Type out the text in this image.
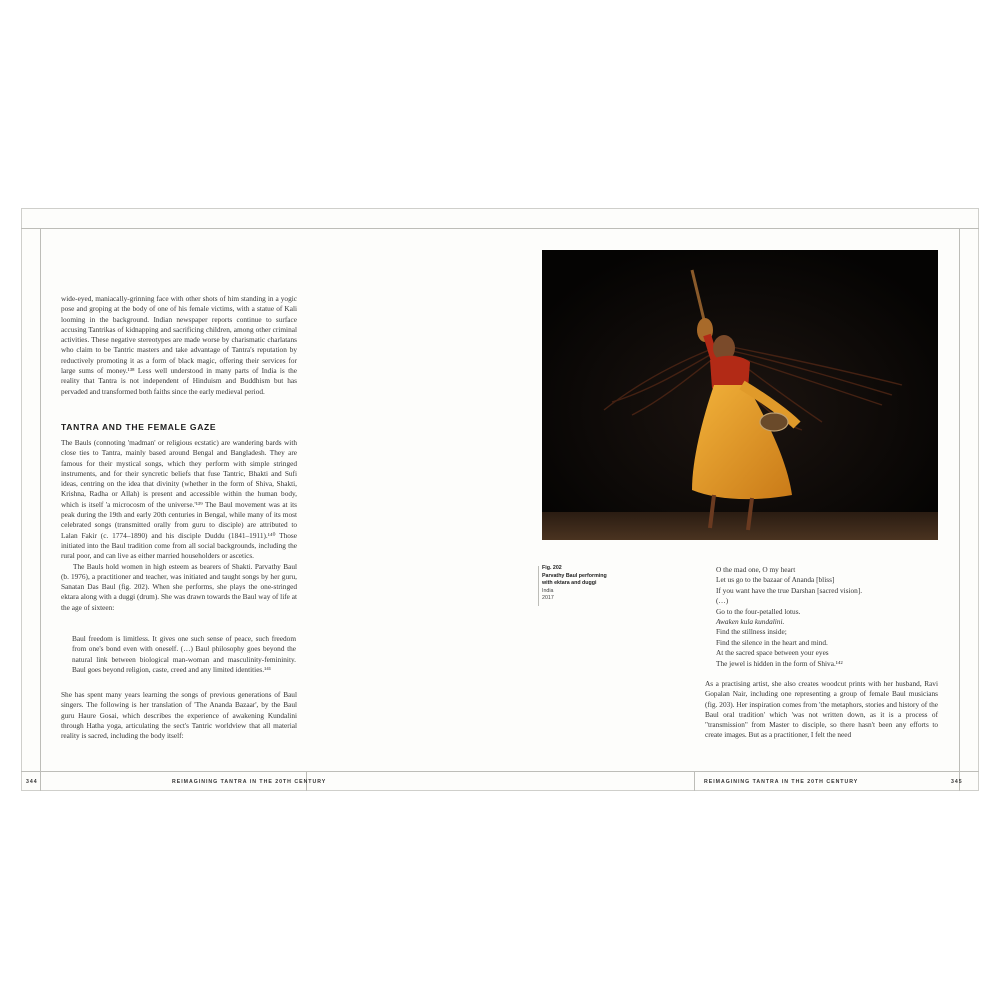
wide-eyed, maniacally-grinning face with other shots of him standing in a yogic pose and groping at the body of one of his female victims, with a statue of Kali looming in the background. Indian newspaper reports continue to surface accusing Tantrikas of kidnapping and sacrificing children, among other criminal activities. These negative stereotypes are made worse by charismatic charlatans who claim to be Tantric masters and take advantage of Tantra's reputation by reductively promoting it as a form of black magic, offering their services for large sums of money.¹³⁸ Less well understood in many parts of India is the reality that Tantra is not independent of Hinduism and Buddhism but has pervaded and transformed both faiths since the early medieval period.

TANTRA AND THE FEMALE GAZE

The Bauls (connoting 'madman' or religious ecstatic) are wandering bards with close ties to Tantra, mainly based around Bengal and Bangladesh. They are famous for their mystical songs, which they perform with simple stringed instruments, and for their syncretic beliefs that fuse Tantric, Bhakti and Sufi ideas, centring on the idea that divinity (whether in the form of Shiva, Shakti, Krishna, Radha or Allah) is present and accessible within the human body, which is itself 'a microcosm of the universe.'¹³⁹ The Baul movement was at its peak during the 19th and early 20th centuries in Bengal, while many of its most celebrated songs (transmitted orally from guru to disciple) are attributed to Lalan Fakir (c. 1774–1890) and his disciple Duddu (1841–1911).¹⁴⁰ Those initiated into the Baul tradition come from all social backgrounds, including the rural poor, and can live as either married householders or ascetics.

The Bauls hold women in high esteem as bearers of Shakti. Parvathy Baul (b. 1976), a practitioner and teacher, was initiated and taught songs by her guru, Sanatan Das Baul (fig. 202). When she performs, she plays the one-stringed ektara along with a duggi (drum). She was drawn towards the Baul way of life at the age of sixteen:

Baul freedom is limitless. It gives one such sense of peace, such freedom from one's bond even with oneself. (…) Baul philosophy goes beyond the natural link between biological man-woman and masculinity-femininity. Baul goes beyond religion, caste, creed and any limited identities.¹⁴¹

She has spent many years learning the songs of previous generations of Baul singers. The following is her translation of 'The Ananda Bazaar', by the Baul guru Haure Gosai, which describes the experience of awakening Kundalini through Hatha yoga, articulating the sect's Tantric worldview that all material reality is sacred, including the body itself:

Fig. 202
Parvathy Baul performing
with ektara and duggi
India
2017
O the mad one, O my heart
Let us go to the bazaar of Ananda [bliss]
If you want have the true Darshan [sacred vision].
(…)
Go to the four-petalled lotus.
Awaken kula kundalini.
Find the stillness inside;
Find the silence in the heart and mind.
At the sacred space between your eyes
The jewel is hidden in the form of Shiva.¹⁴²

As a practising artist, she also creates woodcut prints with her husband, Ravi Gopalan Nair, including one representing a group of female Baul musicians (fig. 203). Her inspiration comes from 'the metaphors, stories and history of the Baul oral tradition' which 'was not written down, as it is a process of "transmission" from Master to disciple, so there hasn't been any efforts to create images. But as a practitioner, I felt the need

344	REIMAGINING TANTRA IN THE 20TH CENTURY	REIMAGINING TANTRA IN THE 20TH CENTURY	345
